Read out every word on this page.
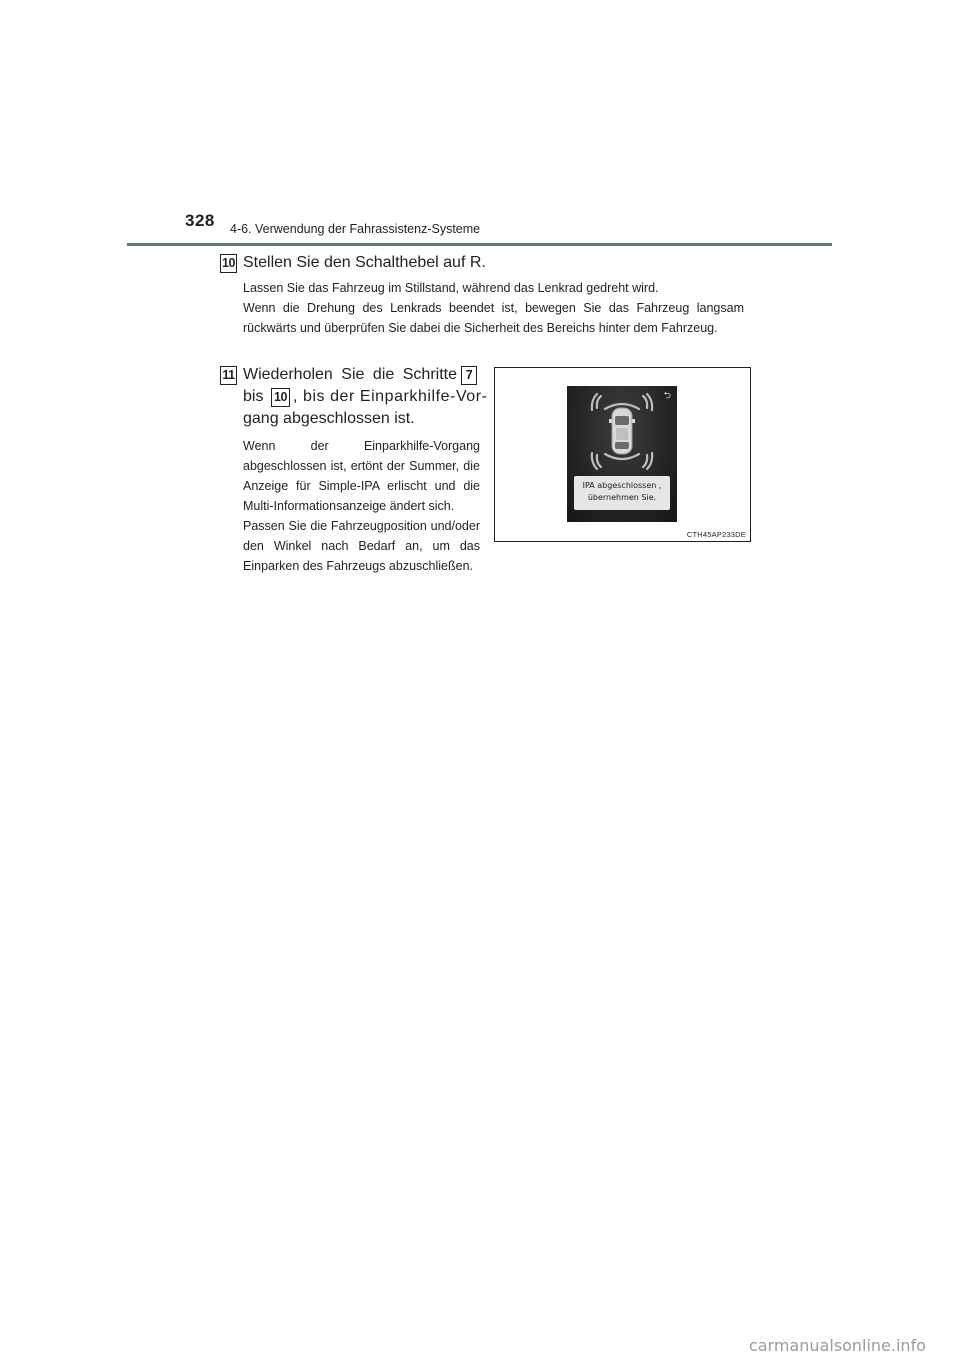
328 4-6. Verwendung der Fahrassistenz-Systeme
10 Stellen Sie den Schalthebel auf R.

Lassen Sie das Fahrzeug im Stillstand, während das Lenkrad gedreht wird.

Wenn die Drehung des Lenkrads beendet ist, bewegen Sie das Fahrzeug langsam rückwärts und überprüfen Sie dabei die Sicherheit des Bereichs hinter dem Fahrzeug.

11 Wiederholen Sie die Schritte 7
bis 10 , bis der Einparkhilfe-Vor-
gang abgeschlossen ist.

Wenn der Einparkhilfe-Vorgang abgeschlossen ist, ertönt der Summer, die Anzeige für Simple-IPA erlischt und die Multi-Informationsanzeige ändert sich.

Passen Sie die Fahrzeugposition und/oder den Winkel nach Bedarf an, um das Einparken des Fahrzeugs abzuschließen.

⮌
IPA abgeschlossen ,
übernehmen Sie.
CTH45AP233DE
carmanualsonline.info
